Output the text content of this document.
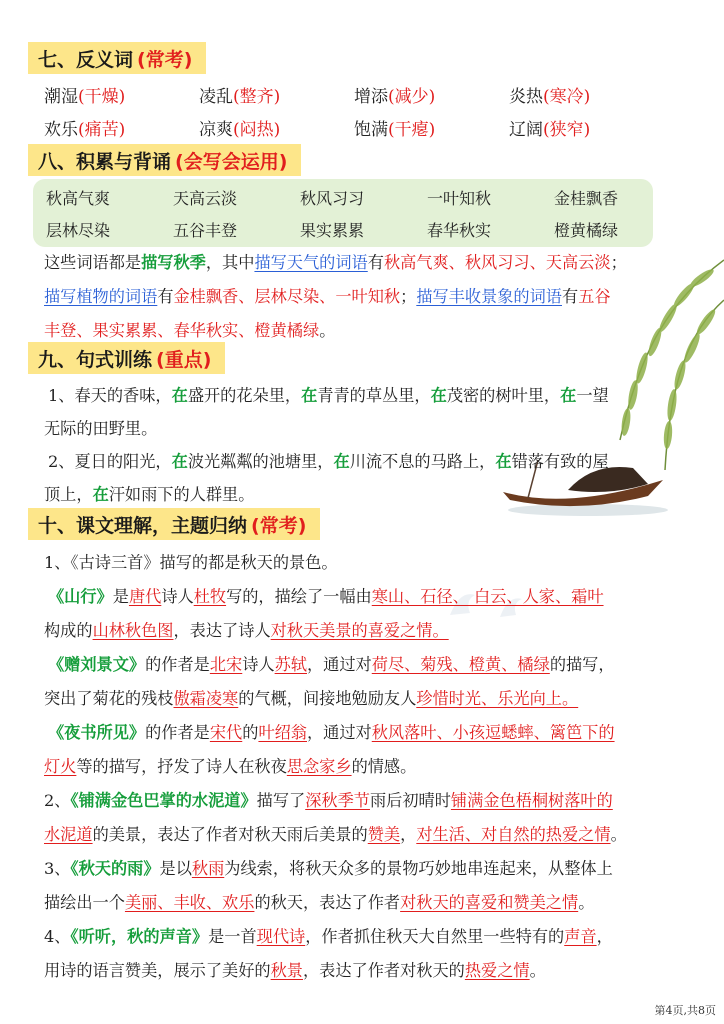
七、反义词 (常考)
潮湿(干燥)	凌乱(整齐)	增添(减少)	炎热(寒冷)
欢乐(痛苦)	凉爽(闷热)	饱满(干瘪)	辽阔(狭窄)
八、积累与背诵 (会写会运用)
秋高气爽	天高云淡	秋风习习	一叶知秋	金桂飘香
层林尽染	五谷丰登	果实累累	春华秋实	橙黄橘绿
这些词语都是描写秋季，其中描写天气的词语有秋高气爽、秋风习习、天高云淡；
描写植物的词语有金桂飘香、层林尽染、一叶知秋；描写丰收景象的词语有五谷
丰登、果实累累、春华秋实、橙黄橘绿。
九、句式训练 (重点)
1、春天的香味，在盛开的花朵里，在青青的草丛里，在茂密的树叶里，在一望
无际的田野里。
2、夏日的阳光，在波光粼粼的池塘里，在川流不息的马路上，在错落有致的屋
顶上，在汗如雨下的人群里。
十、课文理解，主题归纳 (常考)
1、《古诗三首》描写的都是秋天的景色。
《山行》是唐代诗人杜牧写的，描绘了一幅由寒山、石径、 白云、人家、霜叶
构成的山林秋色图，表达了诗人对秋天美景的喜爱之情。
《赠刘景文》的作者是北宋诗人苏轼，通过对荷尽、菊残、橙黄、橘绿的描写，
突出了菊花的残枝傲霜凌寒的气概，间接地勉励友人珍惜时光、乐光向上。
《夜书所见》的作者是宋代的叶绍翁，通过对秋风落叶、小孩逗蟋蟀、篱笆下的
灯火等的描写，抒发了诗人在秋夜思念家乡的情感。
2、《铺满金色巴掌的水泥道》描写了深秋季节雨后初晴时铺满金色梧桐树落叶的
水泥道的美景，表达了作者对秋天雨后美景的赞美，对生活、对自然的热爱之情。
3、《秋天的雨》是以秋雨为线索，将秋天众多的景物巧妙地串连起来，从整体上
描绘出一个美丽、丰收、欢乐的秋天，表达了作者对秋天的喜爱和赞美之情。
4、《听听，秋的声音》是一首现代诗，作者抓住秋天大自然里一些特有的声音，
用诗的语言赞美，展示了美好的秋景，表达了作者对秋天的热爱之情。
第4页,共8页
